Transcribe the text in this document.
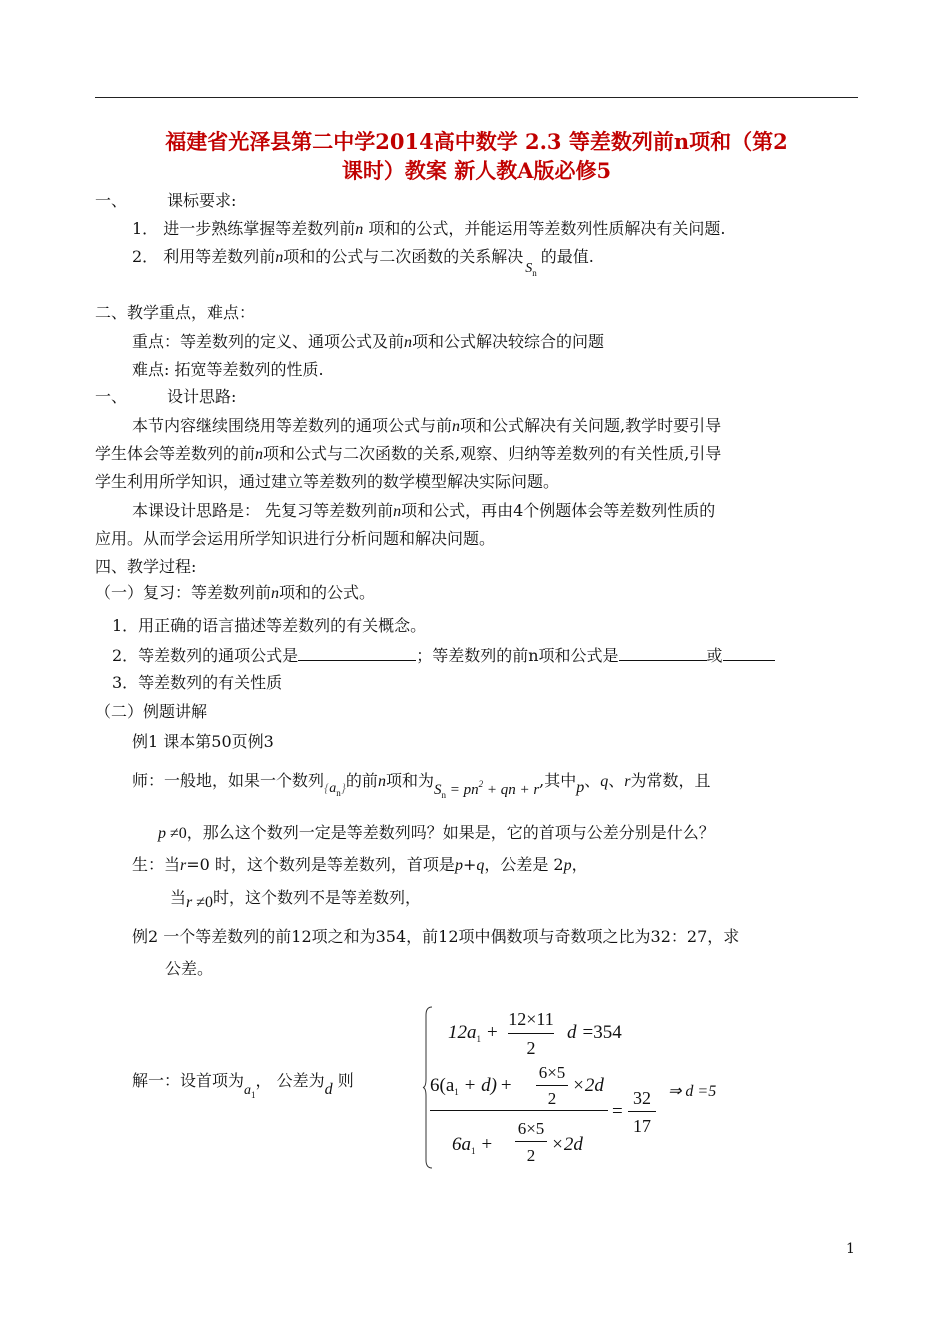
福建省光泽县第二中学2014高中数学 2.3 等差数列前n项和（第2
课时）教案 新人教A版必修5
一、	课标要求:
1． 进一步熟练掌握等差数列前n 项和的公式，并能运用等差数列性质解决有关问题.
2． 利用等差数列前n项和的公式与二次函数的关系解决$S_n$的最值.
二、教学重点，难点：
重点：等差数列的定义、通项公式及前n项和公式解决较综合的问题
难点: 拓宽等差数列的性质.
一、	设计思路:
本节内容继续围绕用等差数列的通项公式与前n项和公式解决有关问题,教学时要引导
学生体会等差数列的前n项和公式与二次函数的关系,观察、归纳等差数列的有关性质,引导
学生利用所学知识，通过建立等差数列的数学模型解决实际问题。
本课设计思路是： 先复习等差数列前n项和公式，再由4个例题体会等差数列性质的
应用。从而学会运用所学知识进行分析问题和解决问题。
四、教学过程:
（一）复习：等差数列前n项和的公式。
1．用正确的语言描述等差数列的有关概念。
2．等差数列的通项公式是	；等差数列的前n项和公式是	或
3．等差数列的有关性质
（二）例题讲解
例1 课本第50页例3
师：一般地，如果一个数列$\{a_n\}$的前n项和为$S_n = pn^2$ + qn + r,其中p、q、r为常数，且
p ≠0，那么这个数列一定是等差数列吗？如果是，它的首项与公差分别是什么？
生：当r=0 时，这个数列是等差数列，首项是p+q，公差是 2p，
当r ≠0时，这个数列不是等差数列，
例2 一个等差数列的前12项之和为354，前12项中偶数项与奇数项之比为32：27，求
公差。
解一：设首项为$a_1$， 公差为d 则
$12a_1$ +
12×11
2
d =354
$6(a_1 + d)$ +
6×5
2
×2d
$6a_1$ +
6×5
2
×2d
=
32
17
⇒ d =5
1
